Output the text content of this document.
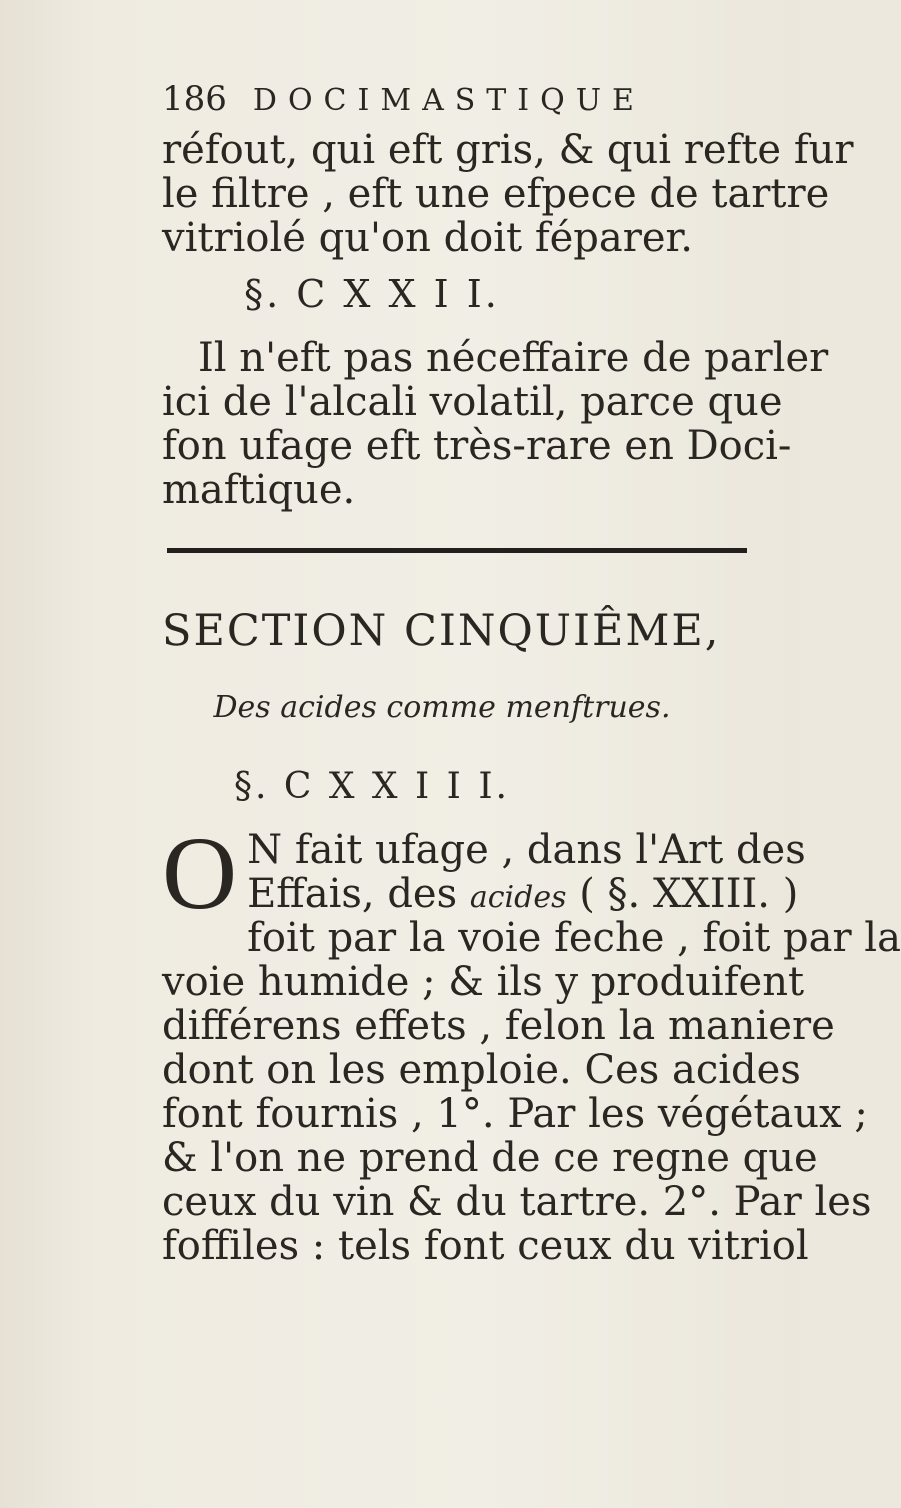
186 DOCIMASTIQUE
réfout, qui eft gris, & qui refte fur
le filtre , eft une efpece de tartre
vitriolé qu'on doit féparer.
§. C X X I I.
Il n'eft pas néceffaire de parler
ici de l'alcali volatil, parce que
fon ufage eft très-rare en Doci-
maftique.
SECTION CINQUIÊME,
Des acides comme menftrues.
§. C X X I I I.
O N fait ufage , dans l'Art des
Effais, des acides ( §. XXIII. )
foit par la voie feche , foit par la
voie humide ; & ils y produifent
différens effets , felon la maniere
dont on les emploie. Ces acides
font fournis , 1°. Par les végétaux ;
& l'on ne prend de ce regne que
ceux du vin & du tartre. 2°. Par les
foffiles : tels font ceux du vitriol
